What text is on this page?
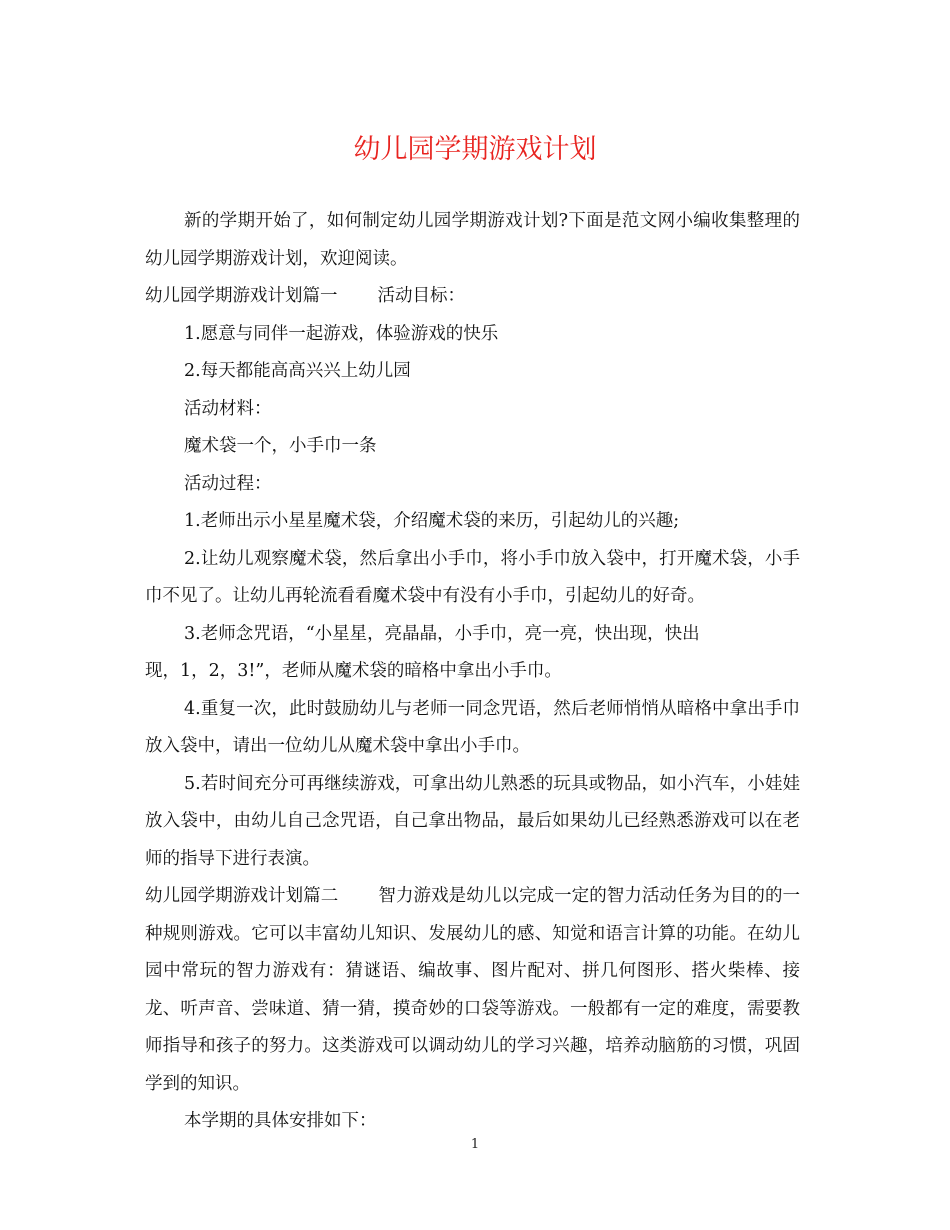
幼儿园学期游戏计划

新的学期开始了，如何制定幼儿园学期游戏计划?下面是范文网小编收集整理的幼儿园学期游戏计划，欢迎阅读。

幼儿园学期游戏计划篇一 活动目标：

1.愿意与同伴一起游戏，体验游戏的快乐

2.每天都能高高兴兴上幼儿园

活动材料：

魔术袋一个，小手巾一条

活动过程：

1.老师出示小星星魔术袋，介绍魔术袋的来历，引起幼儿的兴趣;

2.让幼儿观察魔术袋，然后拿出小手巾，将小手巾放入袋中，打开魔术袋，小手巾不见了。让幼儿再轮流看看魔术袋中有没有小手巾，引起幼儿的好奇。

3.老师念咒语，“小星星，亮晶晶，小手巾，亮一亮，快出现，快出

现，1，2，3!”，老师从魔术袋的暗格中拿出小手巾。

4.重复一次，此时鼓励幼儿与老师一同念咒语，然后老师悄悄从暗格中拿出手巾放入袋中，请出一位幼儿从魔术袋中拿出小手巾。

5.若时间充分可再继续游戏，可拿出幼儿熟悉的玩具或物品，如小汽车，小娃娃放入袋中，由幼儿自己念咒语，自己拿出物品，最后如果幼儿已经熟悉游戏可以在老师的指导下进行表演。

幼儿园学期游戏计划篇二 智力游戏是幼儿以完成一定的智力活动任务为目的的一种规则游戏。它可以丰富幼儿知识、发展幼儿的感、知觉和语言计算的功能。在幼儿园中常玩的智力游戏有：猜谜语、编故事、图片配对、拼几何图形、搭火柴棒、接龙、听声音、尝味道、猜一猜，摸奇妙的口袋等游戏。一般都有一定的难度，需要教师指导和孩子的努力。这类游戏可以调动幼儿的学习兴趣，培养动脑筋的习惯，巩固学到的知识。

本学期的具体安排如下：

1
